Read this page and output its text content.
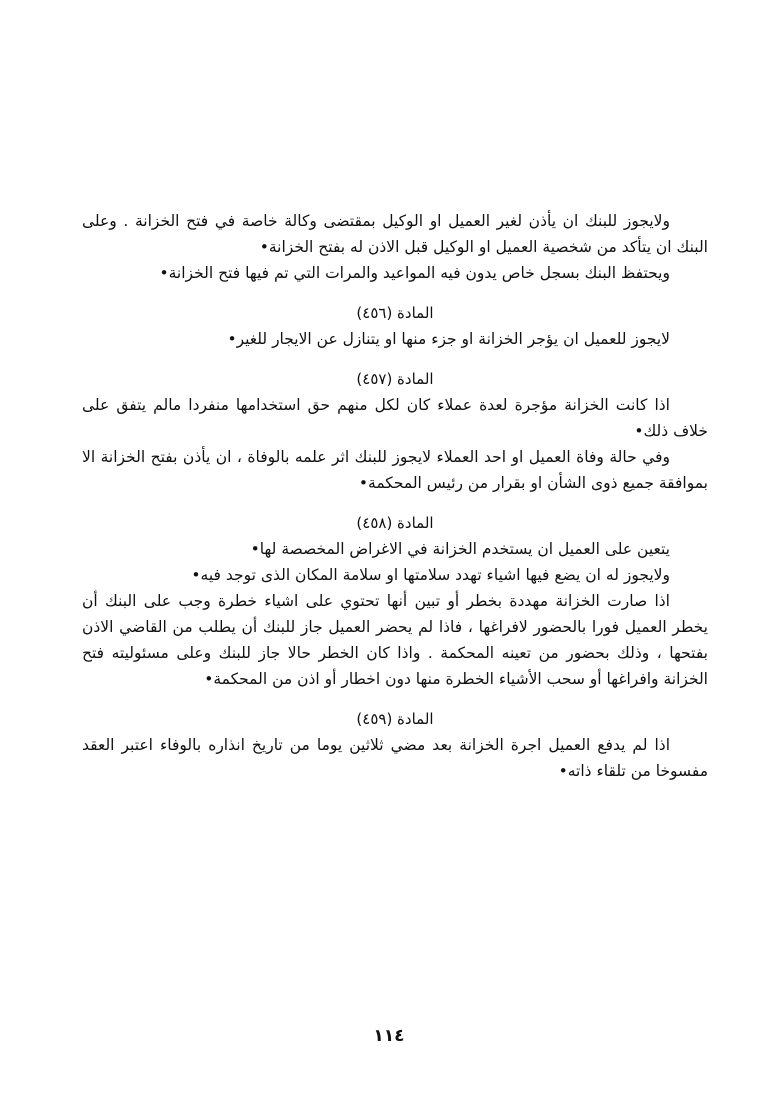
ولايجوز للبنك ان يأذن لغير العميل او الوكيل بمقتضى وكالة خاصة في فتح الخزانة . وعلى البنك ان يتأكد من شخصية العميل او الوكيل قبل الاذن له بفتح الخزانة•

ويحتفظ البنك بسجل خاص يدون فيه المواعيد والمرات التي تم فيها فتح الخزانة•

المادة (٤٥٦)

لايجوز للعميل ان يؤجر الخزانة او جزء منها او يتنازل عن الايجار للغير•

المادة (٤٥٧)

اذا كانت الخزانة مؤجرة لعدة عملاء كان لكل منهم حق استخدامها منفردا مالم يتفق على خلاف ذلك•

وفي حالة وفاة العميل او احد العملاء لايجوز للبنك اثر علمه بالوفاة ، ان يأذن بفتح الخزانة الا بموافقة جميع ذوى الشأن او بقرار من رئيس المحكمة•

المادة (٤٥٨)

يتعين على العميل ان يستخدم الخزانة في الاغراض المخصصة لها•

ولايجوز له ان يضع فيها اشياء تهدد سلامتها او سلامة المكان الذى توجد فيه•

اذا صارت الخزانة مهددة بخطر أو تبين أنها تحتوي على اشياء خطرة وجب على البنك أن يخطر العميل فورا بالحضور لافراغها ، فاذا لم يحضر العميل جاز للبنك أن يطلب من القاضي الاذن بفتحها ، وذلك بحضور من تعينه المحكمة . واذا كان الخطر حالا جاز للبنك وعلى مسئوليته فتح الخزانة وافراغها أو سحب الأشياء الخطرة منها دون اخطار أو اذن من المحكمة•

المادة (٤٥٩)

اذا لم يدفع العميل اجرة الخزانة بعد مضي ثلاثين يوما من تاريخ انذاره بالوفاء اعتبر العقد مفسوخا من تلقاء ذاته•

١١٤
